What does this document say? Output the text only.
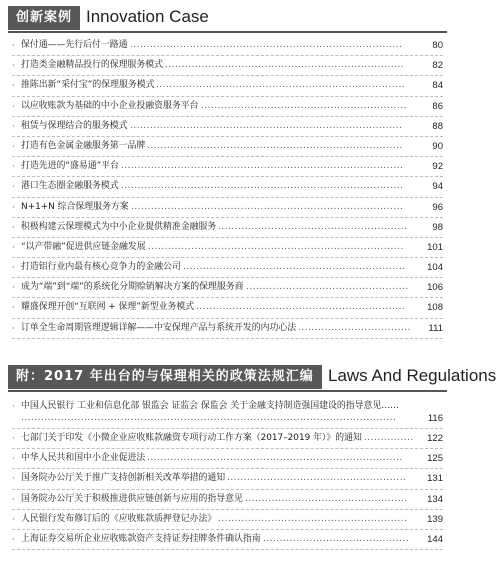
创新案例 Innovation Case
· 保付通——先行后付一路通 ..................................................................................	80
· 打造类金融精品投行的保理服务模式 ........................................................................	82
· 推陈出新“采付宝”的保理服务模式 ...........................................................................	84
· 以应收账款为基础的中小企业投融资服务平台 ..............................................................	86
· 租赁与保理结合的服务模式 ..................................................................................	88
· 打造有色金属金融服务第一品牌 .............................................................................	90
· 打造先进的“盛易通”平台 .....................................................................................	92
· 港口生态圈金融服务模式 .....................................................................................	94
· N+1+N 综合保理服务方案 ..................................................................................	96
· 积极构建云保理模式为中小企业提供精准金融服务 .........................................................	98
· “以产带融”促进供应链金融发展 .............................................................................	101
· 打造铝行业内最有核心竞争力的金融公司 ...................................................................	104
· 成为“端”到“端”的系统化分期赊销解决方案的保理服务商 .................................................	106
· 耀盛保理开创“互联网 + 保理”新型业务模式 ...............................................................	108
· 订单全生命周期管理逻辑详解——中安保理产品与系统开发的内功心法 ..................................	111
附：2017 年出台的与保理相关的政策法规汇编 Laws And Regulations
· 中国人民银行 工业和信息化部 银监会 证监会 保监会 关于金融支持制造强国建设的指导意见……
.................................................................................................................	116
· 七部门关于印发《小微企业应收账款融资专项行动工作方案（2017–2019 年）》的通知 ...............	122
· 中华人民共和国中小企业促进法 .............................................................................	125
· 国务院办公厅关于推广支持创新相关改革举措的通知 ......................................................	131
· 国务院办公厅关于积极推进供应链创新与应用的指导意见 .................................................	134
· 人民银行发布修订后的《应收账款质押登记办法》 .........................................................	139
· 上海证券交易所企业应收账款资产支持证券挂牌条件确认指南 ............................................	144
